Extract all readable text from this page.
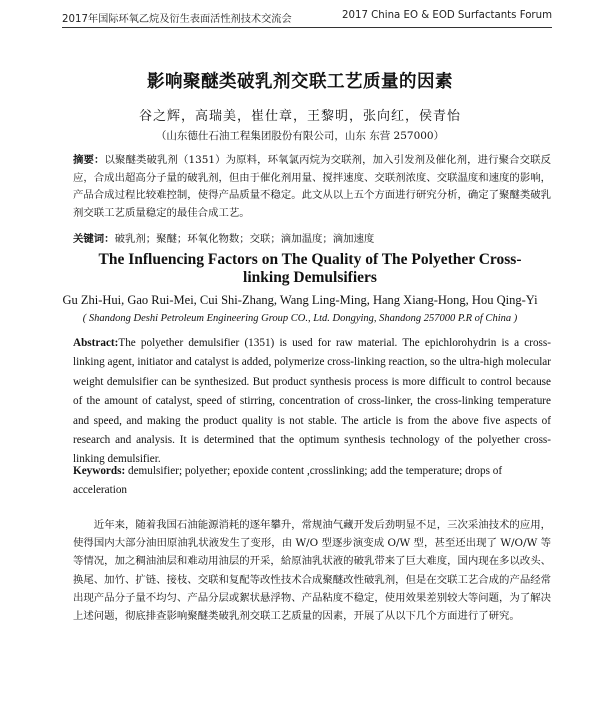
2017年国际环氧乙烷及衍生表面活性剂技术交流会	2017 China EO & EOD Surfactants Forum
影响聚醚类破乳剂交联工艺质量的因素
谷之辉，高瑞美，崔仕章，王黎明，张向红，侯青怡
（山东德仕石油工程集团股份有限公司，山东 东营 257000）
摘要：以聚醚类破乳剂（1351）为原料，环氧氯丙烷为交联剂，加入引发剂及催化剂，进行聚合交联反应，合成出超高分子量的破乳剂，但由于催化剂用量、搅拌速度、交联剂浓度、交联温度和速度的影响，产品合成过程比较难控制，使得产品质量不稳定。此文从以上五个方面进行研究分析，确定了聚醚类破乳剂交联工艺质量稳定的最佳合成工艺。
关键词：破乳剂；聚醚；环氧化物数；交联；滴加温度；滴加速度
The Influencing Factors on The Quality of The Polyether Cross-linking Demulsifiers
Gu Zhi-Hui, Gao Rui-Mei, Cui Shi-Zhang, Wang Ling-Ming, Hang Xiang-Hong, Hou Qing-Yi
( Shandong Deshi Petroleum Engineering Group CO., Ltd. Dongying, Shandong 257000 P.R of China )
Abstract:The polyether demulsifier (1351) is used for raw material. The epichlorohydrin is a cross-linking agent, initiator and catalyst is added, polymerize cross-linking reaction, so the ultra-high molecular weight demulsifier can be synthesized. But product synthesis process is more difficult to control because of the amount of catalyst, speed of stirring, concentration of cross-linker, the cross-linking temperature and speed, and making the product quality is not stable. The article is from the above five aspects of research and analysis. It is determined that the optimum synthesis technology of the polyether cross-linking demulsifier.
Keywords: demulsifier; polyether; epoxide content ,crosslinking; add the temperature; drops of acceleration
近年来，随着我国石油能源消耗的逐年攀升，常规油气藏开发后劲明显不足，三次采油技术的应用，使得国内大部分油田原油乳状液发生了变形，由 W/O 型逐步演变成 O/W 型，甚至还出现了 W/O/W 等等情况，加之稠油油层和难动用油层的开采，給原油乳状液的破乳带来了巨大难度，国内现在多以改头、换尾、加竹、扩链、接枝、交联和复配等改性技术合成聚醚改性破乳剂，但是在交联工艺合成的产品经常出现产品分子量不均匀、产品分层或絮状悬浮物、产品粘度不稳定，使用效果差别较大等问题，为了解决上述问题，彻底排查影响聚醚类破乳剂交联工艺质量的因素，开展了从以下几个方面进行了研究。
